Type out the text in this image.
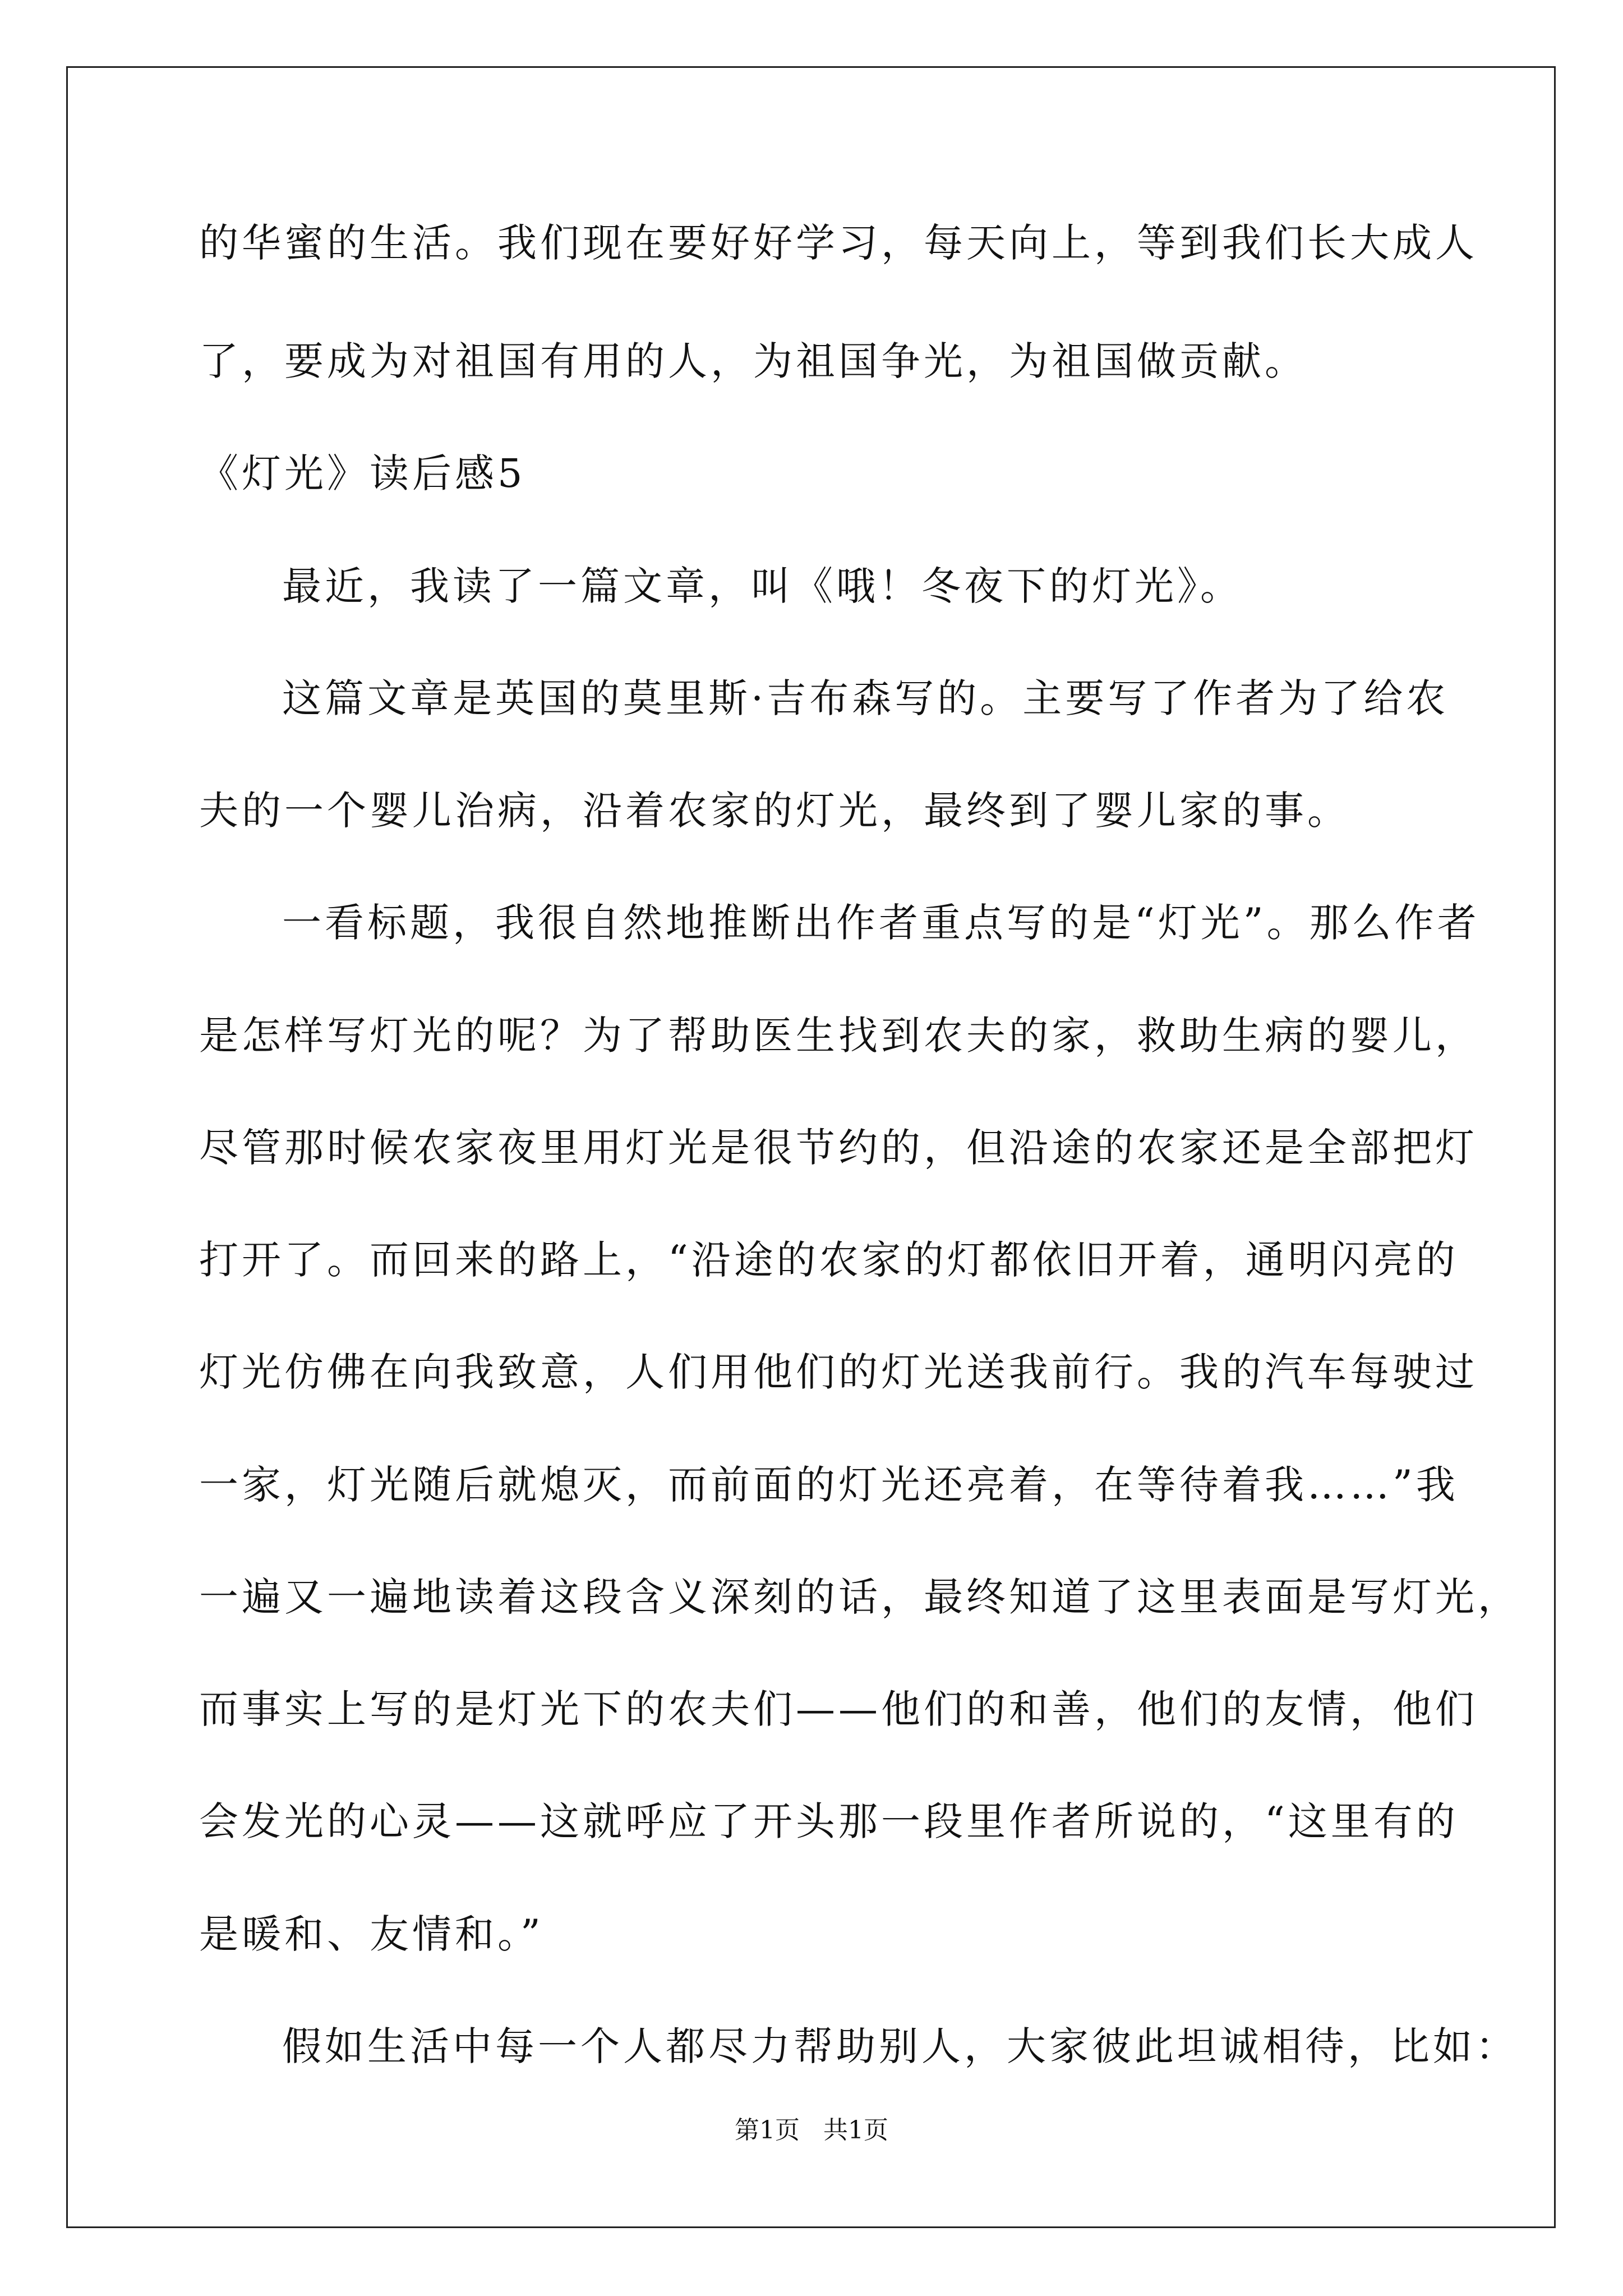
的华蜜的生活。我们现在要好好学习，每天向上，等到我们长大成人
了，要成为对祖国有用的人，为祖国争光，为祖国做贡献。
《灯光》读后感5
最近，我读了一篇文章，叫《哦！冬夜下的灯光》。
这篇文章是英国的莫里斯·吉布森写的。主要写了作者为了给农
夫的一个婴儿治病，沿着农家的灯光，最终到了婴儿家的事。
一看标题，我很自然地推断出作者重点写的是“灯光”。那么作者
是怎样写灯光的呢？为了帮助医生找到农夫的家，救助生病的婴儿，
尽管那时候农家夜里用灯光是很节约的，但沿途的农家还是全部把灯
打开了。而回来的路上，“沿途的农家的灯都依旧开着，通明闪亮的
灯光仿佛在向我致意，人们用他们的灯光送我前行。我的汽车每驶过
一家，灯光随后就熄灭，而前面的灯光还亮着，在等待着我……”我
一遍又一遍地读着这段含义深刻的话，最终知道了这里表面是写灯光，
而事实上写的是灯光下的农夫们——他们的和善，他们的友情，他们
会发光的心灵——这就呼应了开头那一段里作者所说的，“这里有的
是暖和、友情和。”
假如生活中每一个人都尽力帮助别人，大家彼此坦诚相待，比如：
第1页 共1页
